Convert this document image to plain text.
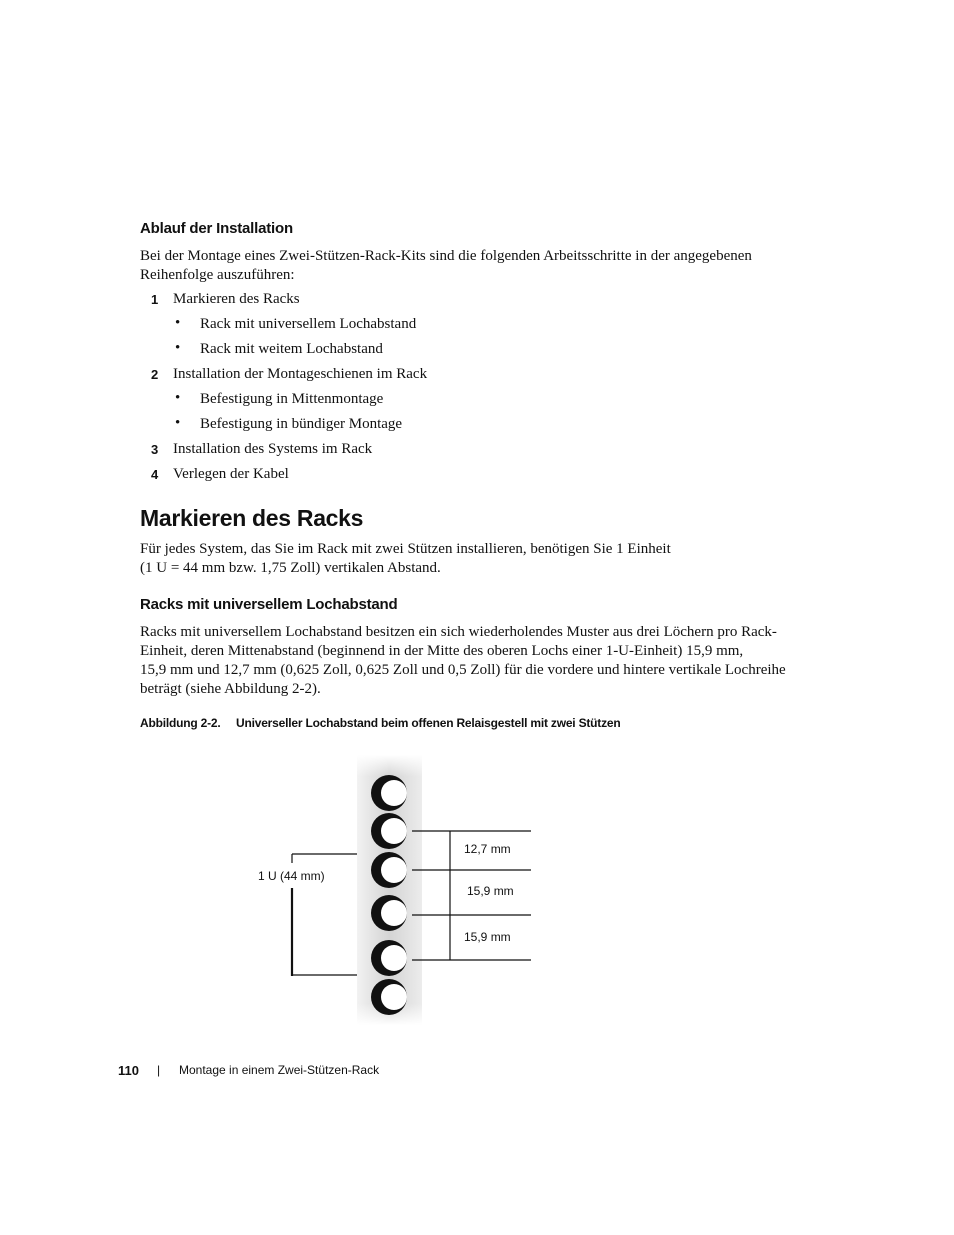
Ablauf der Installation
Bei der Montage eines Zwei-Stützen-Rack-Kits sind die folgenden Arbeitsschritte in der angegebenen
Reihenfolge auszuführen:
1 Markieren des Racks
• Rack mit universellem Lochabstand
• Rack mit weitem Lochabstand
2 Installation der Montageschienen im Rack
• Befestigung in Mittenmontage
• Befestigung in bündiger Montage
3 Installation des Systems im Rack
4 Verlegen der Kabel
Markieren des Racks
Für jedes System, das Sie im Rack mit zwei Stützen installieren, benötigen Sie 1 Einheit
(1 U = 44 mm bzw. 1,75 Zoll) vertikalen Abstand.
Racks mit universellem Lochabstand
Racks mit universellem Lochabstand besitzen ein sich wiederholendes Muster aus drei Löchern pro Rack-
Einheit, deren Mittenabstand (beginnend in der Mitte des oberen Lochs einer 1-U-Einheit) 15,9 mm,
15,9 mm und 12,7 mm (0,625 Zoll, 0,625 Zoll und 0,5 Zoll) für die vordere und hintere vertikale Lochreihe
beträgt (siehe Abbildung 2-2).
Abbildung 2-2. Universeller Lochabstand beim offenen Relaisgestell mit zwei Stützen
1 U (44 mm)
12,7 mm
15,9 mm
15,9 mm
110 | Montage in einem Zwei-Stützen-Rack
